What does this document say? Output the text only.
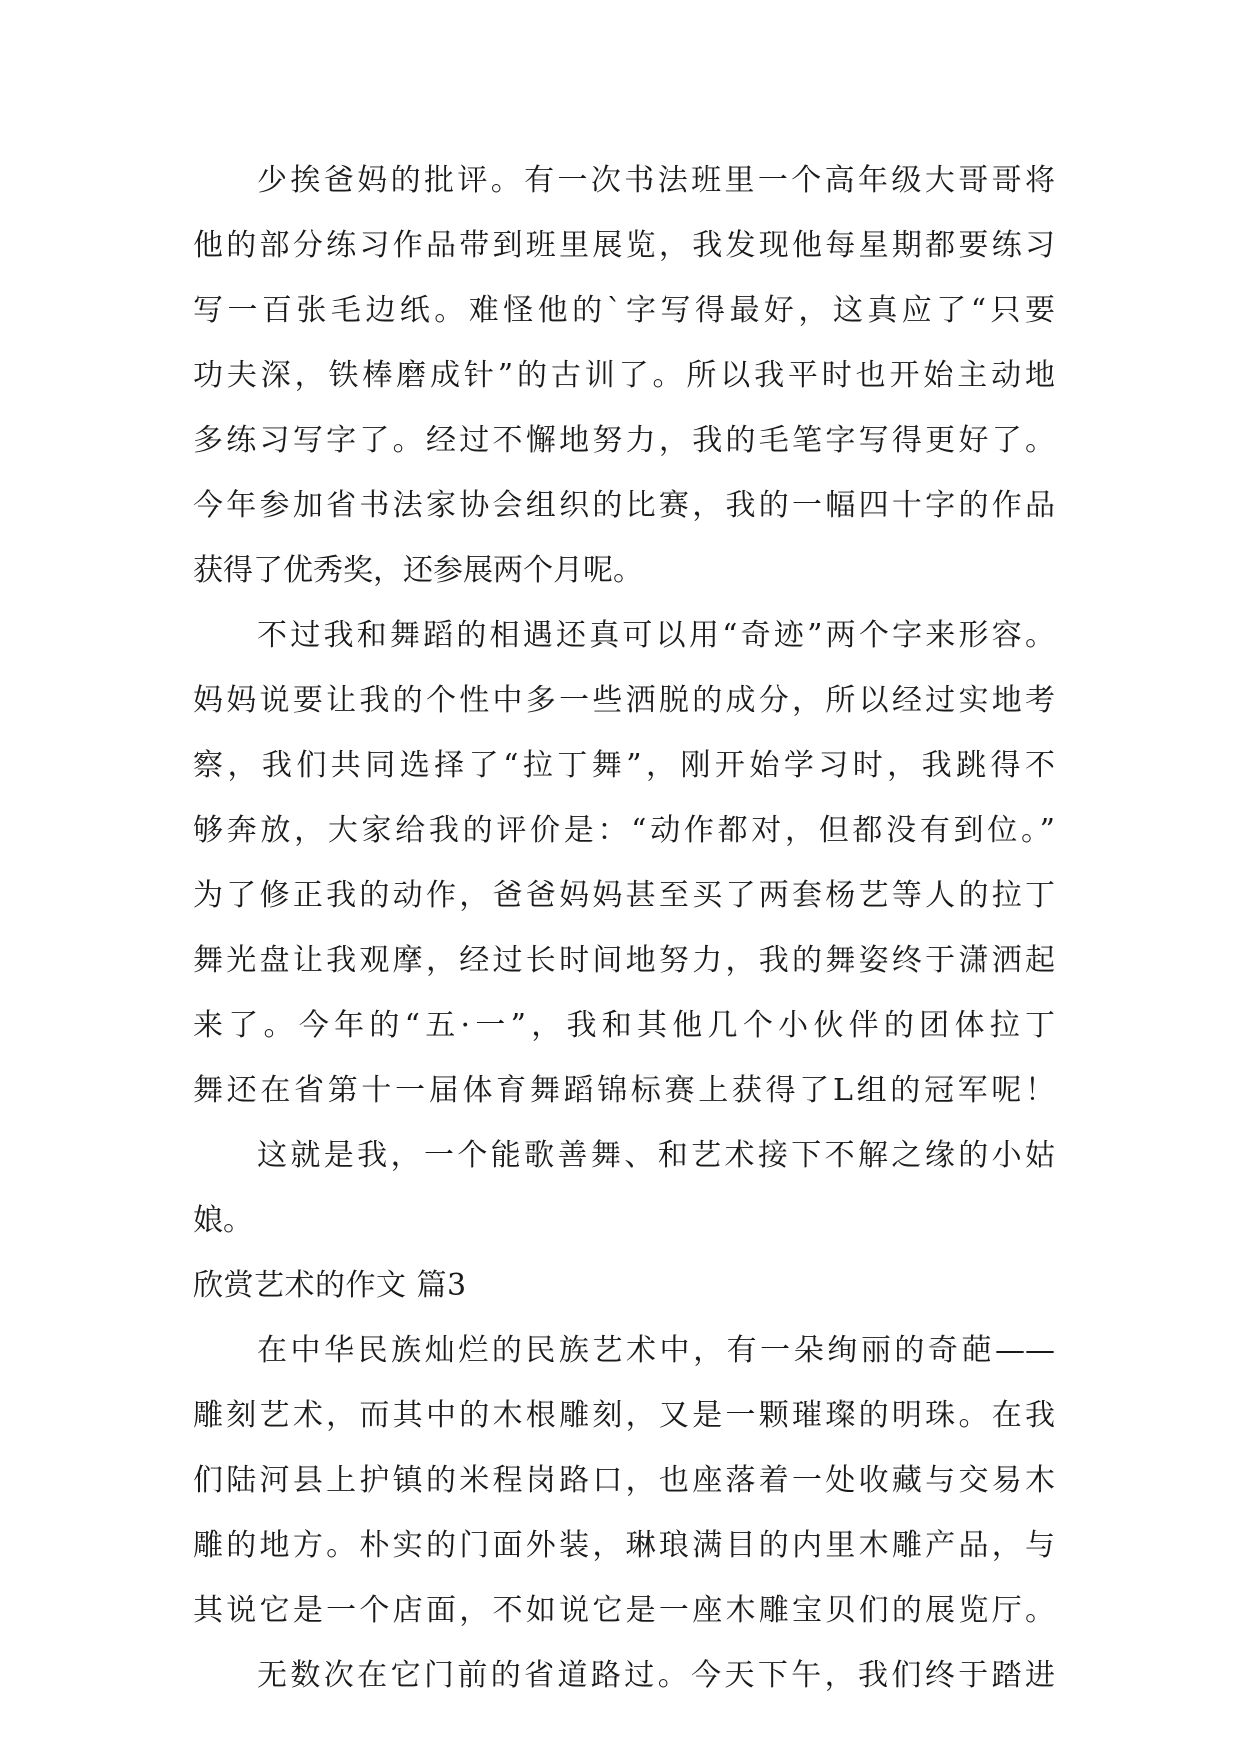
少挨爸妈的批评。有一次书法班里一个高年级大哥哥将
他的部分练习作品带到班里展览，我发现他每星期都要练习
写一百张毛边纸。难怪他的`字写得最好，这真应了“只要
功夫深，铁棒磨成针”的古训了。所以我平时也开始主动地
多练习写字了。经过不懈地努力，我的毛笔字写得更好了。
今年参加省书法家协会组织的比赛，我的一幅四十字的作品
获得了优秀奖，还参展两个月呢。
不过我和舞蹈的相遇还真可以用“奇迹”两个字来形容。
妈妈说要让我的个性中多一些洒脱的成分，所以经过实地考
察，我们共同选择了“拉丁舞”，刚开始学习时，我跳得不
够奔放，大家给我的评价是：“动作都对，但都没有到位。”
为了修正我的动作，爸爸妈妈甚至买了两套杨艺等人的拉丁
舞光盘让我观摩，经过长时间地努力，我的舞姿终于潇洒起
来了。今年的“五·一”，我和其他几个小伙伴的团体拉丁
舞还在省第十一届体育舞蹈锦标赛上获得了L组的冠军呢！
这就是我，一个能歌善舞、和艺术接下不解之缘的小姑
娘。
欣赏艺术的作文 篇3
在中华民族灿烂的民族艺术中，有一朵绚丽的奇葩——
雕刻艺术，而其中的木根雕刻，又是一颗璀璨的明珠。在我
们陆河县上护镇的米程岗路口，也座落着一处收藏与交易木
雕的地方。朴实的门面外装，琳琅满目的内里木雕产品，与
其说它是一个店面，不如说它是一座木雕宝贝们的展览厅。
无数次在它门前的省道路过。今天下午，我们终于踏进
